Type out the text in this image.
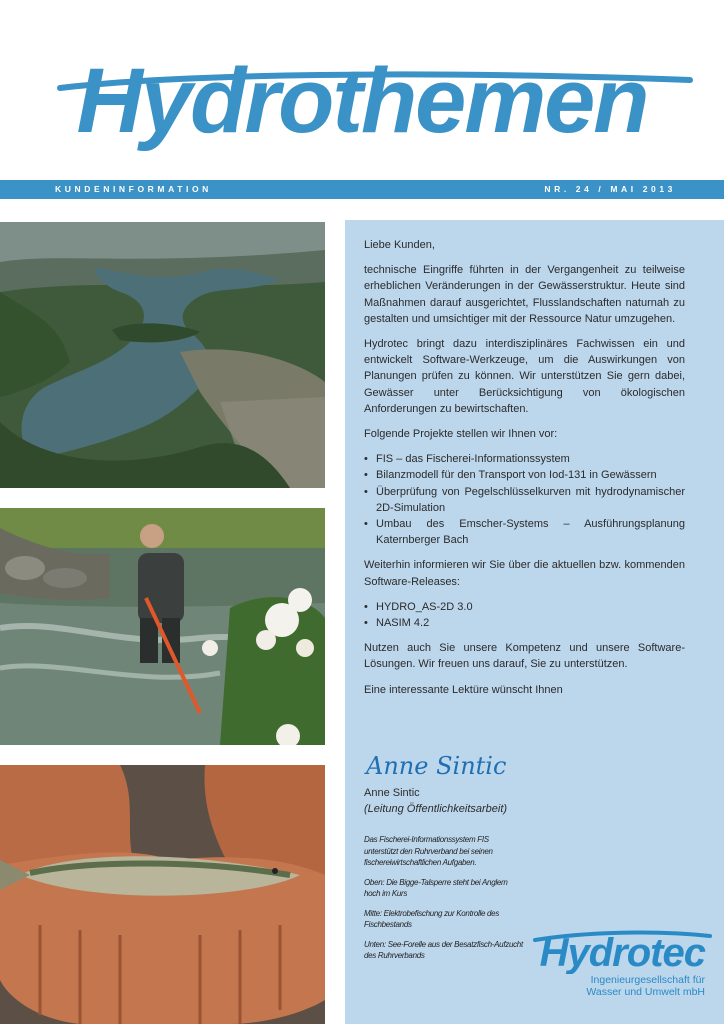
Hydrothemen
KUNDENINFORMATION	NR. 24 / MAI 2013

Liebe Kunden,

technische Eingriffe führten in der Vergangenheit zu teilweise erheblichen Veränderungen in der Gewässerstruktur. Heute sind Maßnahmen darauf ausgerichtet, Flusslandschaften naturnah zu gestalten und umsichtiger mit der Ressource Natur umzugehen.

Hydrotec bringt dazu interdisziplinäres Fachwissen ein und entwickelt Software-Werkzeuge, um die Auswirkungen von Planungen prüfen zu können. Wir unterstützen Sie gern dabei, Gewässer unter Berücksichtigung von ökologischen Anforderungen zu bewirtschaften.

Folgende Projekte stellen wir Ihnen vor:

• FIS – das Fischerei-Informationssystem
• Bilanzmodell für den Transport von Iod-131 in Gewässern
• Überprüfung von Pegelschlüsselkurven mit hydrodynamischer 2D-Simulation
• Umbau des Emscher-Systems – Ausführungsplanung Katernberger Bach

Weiterhin informieren wir Sie über die aktuellen bzw. kommenden Software-Releases:

• HYDRO_AS-2D 3.0
• NASIM 4.2

Nutzen auch Sie unsere Kompetenz und unsere Software-Lösungen. Wir freuen uns darauf, Sie zu unterstützen.

Eine interessante Lektüre wünscht Ihnen

Anne Sintic
Anne Sintic
(Leitung Öffentlichkeitsarbeit)

Das Fischerei-Informationssystem FIS unterstützt den Ruhrverband bei seinen fischereiwirtschaftlichen Aufgaben.

Oben: Die Bigge-Talsperre steht bei Anglern hoch im Kurs

Mitte: Elektrobefischung zur Kontrolle des Fischbestands

Unten: See-Forelle aus der Besatzfisch-Aufzucht des Ruhrverbands	Hydrotec
Ingenieurgesellschaft für
Wasser und Umwelt mbH
